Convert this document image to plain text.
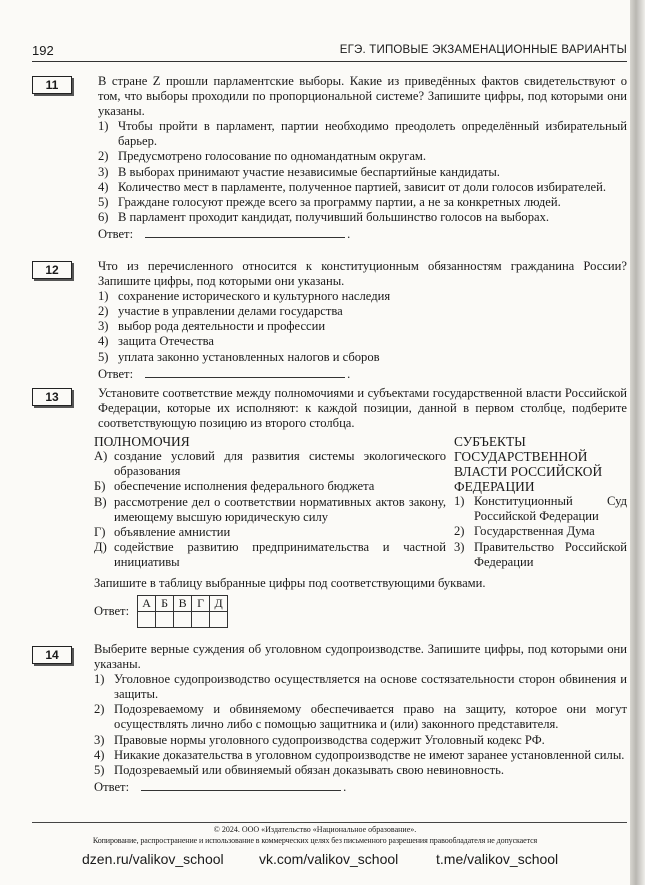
192	ЕГЭ. ТИПОВЫЕ ЭКЗАМЕНАЦИОННЫЕ ВАРИАНТЫ
11	В стране Z прошли парламентские выборы. Какие из приведённых фактов свидетельствуют о том, что выборы проходили по пропорциональной системе? Запишите цифры, под которыми они указаны.
1) Чтобы пройти в парламент, партии необходимо преодолеть определённый избирательный барьер.
2) Предусмотрено голосование по одномандатным округам.
3) В выборах принимают участие независимые беспартийные кандидаты.
4) Количество мест в парламенте, полученное партией, зависит от доли голосов избирателей.
5) Граждане голосуют прежде всего за программу партии, а не за конкретных людей.
6) В парламент проходит кандидат, получивший большинство голосов на выборах.
Ответ:	.
12	Что из перечисленного относится к конституционным обязанностям гражданина России? Запишите цифры, под которыми они указаны.
1) сохранение исторического и культурного наследия
2) участие в управлении делами государства
3) выбор рода деятельности и профессии
4) защита Отечества
5) уплата законно установленных налогов и сборов
Ответ:	.
13	Установите соответствие между полномочиями и субъектами государственной власти Российской Федерации, которые их исполняют: к каждой позиции, данной в первом столбце, подберите соответствующую позицию из второго столбца.
ПОЛНОМОЧИЯ
А) создание условий для развития системы экологического образования
Б) обеспечение исполнения федерального бюджета
В) рассмотрение дел о соответствии нормативных актов закону, имеющему высшую юридическую силу
Г) объявление амнистии
Д) содействие развитию предпринимательства и частной инициативы
СУБЪЕКТЫ ГОСУДАРСТВЕННОЙ ВЛАСТИ РОССИЙСКОЙ ФЕДЕРАЦИИ
1) Конституционный Суд Российской Федерации
2) Государственная Дума
3) Правительство Российской Федерации
Запишите в таблицу выбранные цифры под соответствующими буквами.
Ответ:
А	Б	В	Г	Д

14	Выберите верные суждения об уголовном судопроизводстве. Запишите цифры, под которыми они указаны.
1) Уголовное судопроизводство осуществляется на основе состязательности сторон обвинения и защиты.
2) Подозреваемому и обвиняемому обеспечивается право на защиту, которое они могут осуществлять лично либо с помощью защитника и (или) законного представителя.
3) Правовые нормы уголовного судопроизводства содержит Уголовный кодекс РФ.
4) Никакие доказательства в уголовном судопроизводстве не имеют заранее установленной силы.
5) Подозреваемый или обвиняемый обязан доказывать свою невиновность.
Ответ:	.
© 2024. ООО «Издательство «Национальное образование».
Копирование, распространение и использование в коммерческих целях без письменного разрешения правообладателя не допускается
dzen.ru/valikov_school	vk.com/valikov_school	t.me/valikov_school
